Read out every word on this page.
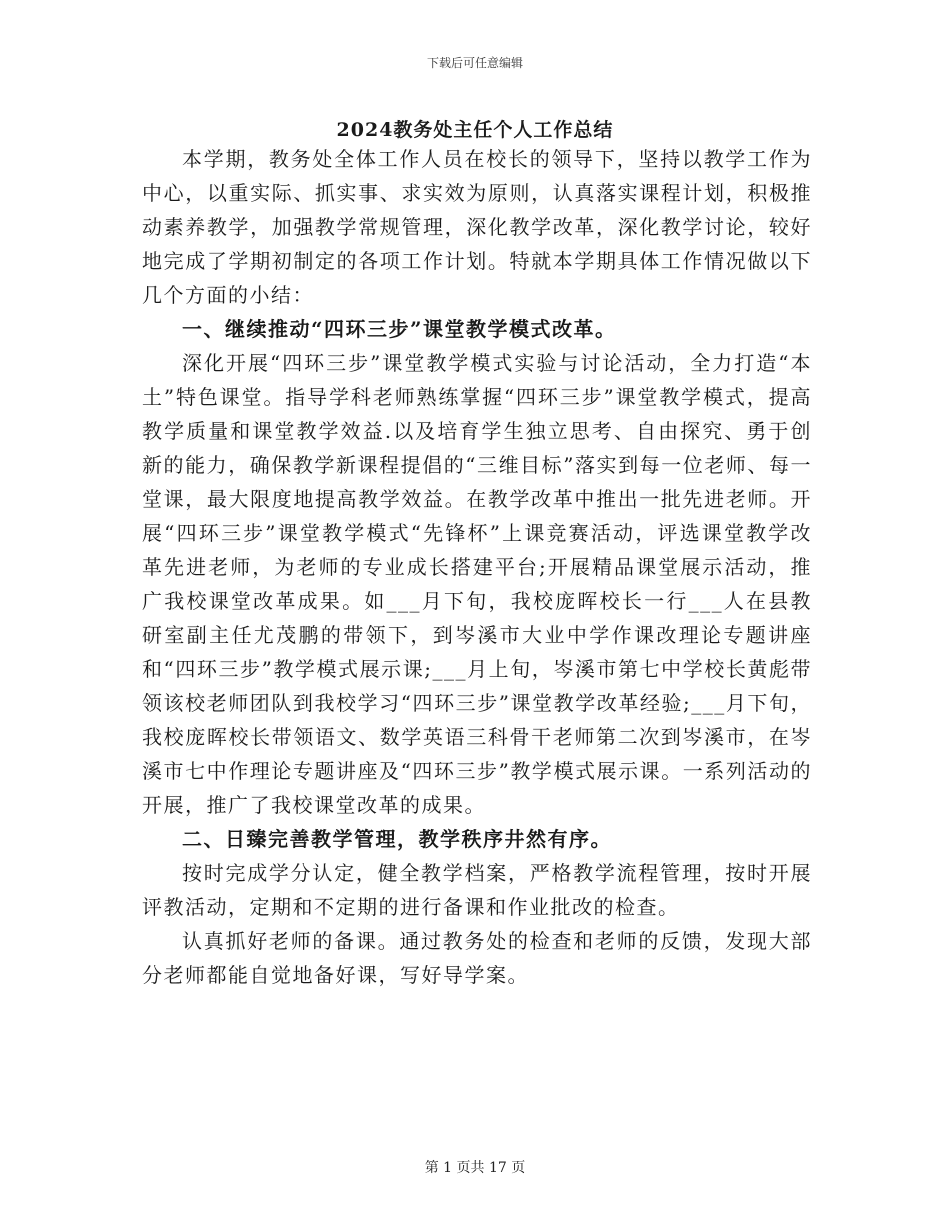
下载后可任意编辑
2024教务处主任个人工作总结

本学期，教务处全体工作人员在校长的领导下，坚持以教学工作为中心，以重实际、抓实事、求实效为原则，认真落实课程计划，积极推动素养教学，加强教学常规管理，深化教学改革，深化教学讨论，较好地完成了学期初制定的各项工作计划。特就本学期具体工作情况做以下几个方面的小结：

一、继续推动“四环三步”课堂教学模式改革。

深化开展“四环三步”课堂教学模式实验与讨论活动，全力打造“本土”特色课堂。指导学科老师熟练掌握“四环三步”课堂教学模式，提高教学质量和课堂教学效益.以及培育学生独立思考、自由探究、勇于创新的能力，确保教学新课程提倡的“三维目标”落实到每一位老师、每一堂课，最大限度地提高教学效益。在教学改革中推出一批先进老师。开展“四环三步”课堂教学模式“先锋杯”上课竞赛活动，评选课堂教学改革先进老师，为老师的专业成长搭建平台;开展精品课堂展示活动，推广我校课堂改革成果。如___月下旬，我校庞晖校长一行___人在县教研室副主任尤茂鹏的带领下，到岑溪市大业中学作课改理论专题讲座和“四环三步”教学模式展示课;___月上旬，岑溪市第七中学校长黄彪带领该校老师团队到我校学习“四环三步”课堂教学改革经验;___月下旬，我校庞晖校长带领语文、数学英语三科骨干老师第二次到岑溪市，在岑溪市七中作理论专题讲座及“四环三步”教学模式展示课。一系列活动的开展，推广了我校课堂改革的成果。

二、日臻完善教学管理，教学秩序井然有序。

按时完成学分认定，健全教学档案，严格教学流程管理，按时开展评教活动，定期和不定期的进行备课和作业批改的检查。

认真抓好老师的备课。通过教务处的检查和老师的反馈，发现大部分老师都能自觉地备好课，写好导学案。

第 1 页共 17 页
